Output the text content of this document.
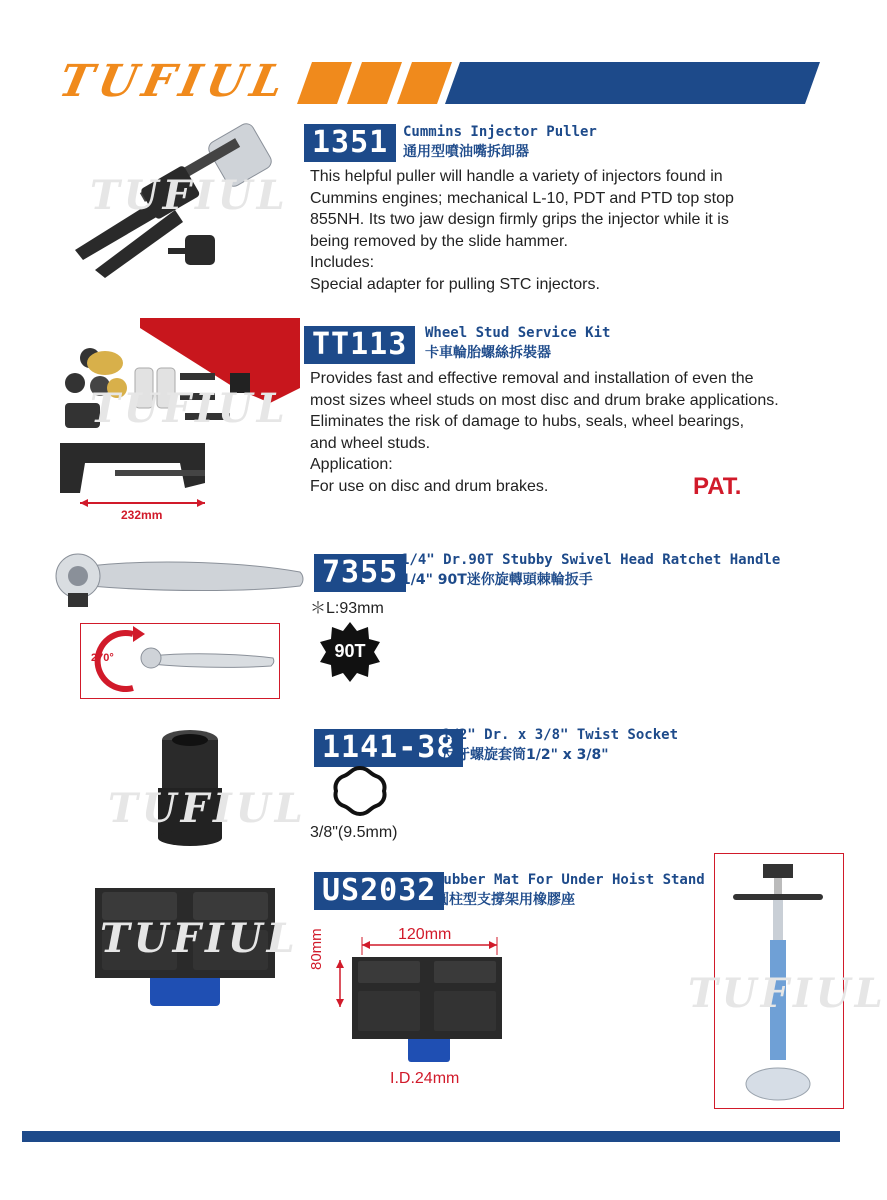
TUFIUL
TUFIUL
1351	Cummins Injector Puller
通用型噴油嘴拆卸器
This helpful puller will handle a variety of injectors found in
Cummins engines; mechanical L-10, PDT and PTD top stop
855NH. Its two jaw design firmly grips the injector while it is
being removed by the slide hammer.
Includes:
Special adapter for pulling STC injectors.
232mm
TUFIUL
TT113	Wheel Stud Service Kit
卡車輪胎螺絲拆裝器
Provides fast and effective removal and installation of even the
most sizes wheel studs on most disc and drum brake applications.
Eliminates the risk of damage to hubs, seals, wheel bearings,
and wheel studs.
Application:
For use on disc and drum brakes.	PAT.
270°
7355 1/4" Dr.90T Stubby Swivel Head Ratchet Handle
1/4" 90T迷你旋轉頭棘輪扳手
＊L:93mm
90T
TUFIUL
1141-38
1/2" Dr. x 3/8" Twist Socket
反牙螺旋套筒1/2" x 3/8"
3/8"(9.5mm)
TUFIUL
US2032
Rubber Mat For Under Hoist Stand
圓柱型支撐架用橡膠座
120mm
80mm
I.D.24mm
TUFIUL
